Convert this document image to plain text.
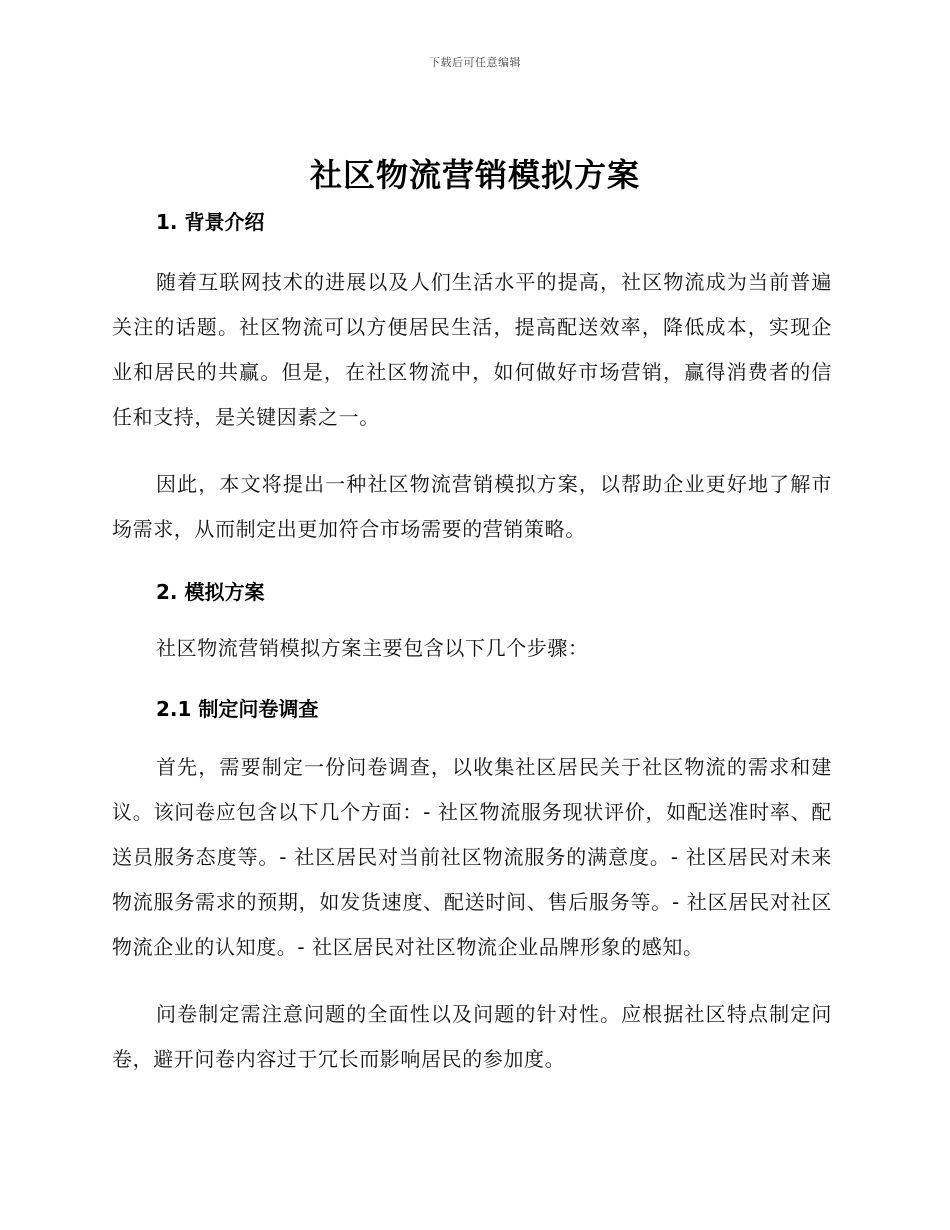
下载后可任意编辑
社区物流营销模拟方案
1. 背景介绍

随着互联网技术的进展以及人们生活水平的提高，社区物流成为当前普遍关注的话题。社区物流可以方便居民生活，提高配送效率，降低成本，实现企业和居民的共赢。但是，在社区物流中，如何做好市场营销，赢得消费者的信任和支持，是关键因素之一。

因此，本文将提出一种社区物流营销模拟方案，以帮助企业更好地了解市场需求，从而制定出更加符合市场需要的营销策略。

2. 模拟方案

社区物流营销模拟方案主要包含以下几个步骤：

2.1 制定问卷调查

首先，需要制定一份问卷调查，以收集社区居民关于社区物流的需求和建议。该问卷应包含以下几个方面：- 社区物流服务现状评价，如配送准时率、配送员服务态度等。- 社区居民对当前社区物流服务的满意度。- 社区居民对未来物流服务需求的预期，如发货速度、配送时间、售后服务等。- 社区居民对社区物流企业的认知度。- 社区居民对社区物流企业品牌形象的感知。

问卷制定需注意问题的全面性以及问题的针对性。应根据社区特点制定问卷，避开问卷内容过于冗长而影响居民的参加度。
